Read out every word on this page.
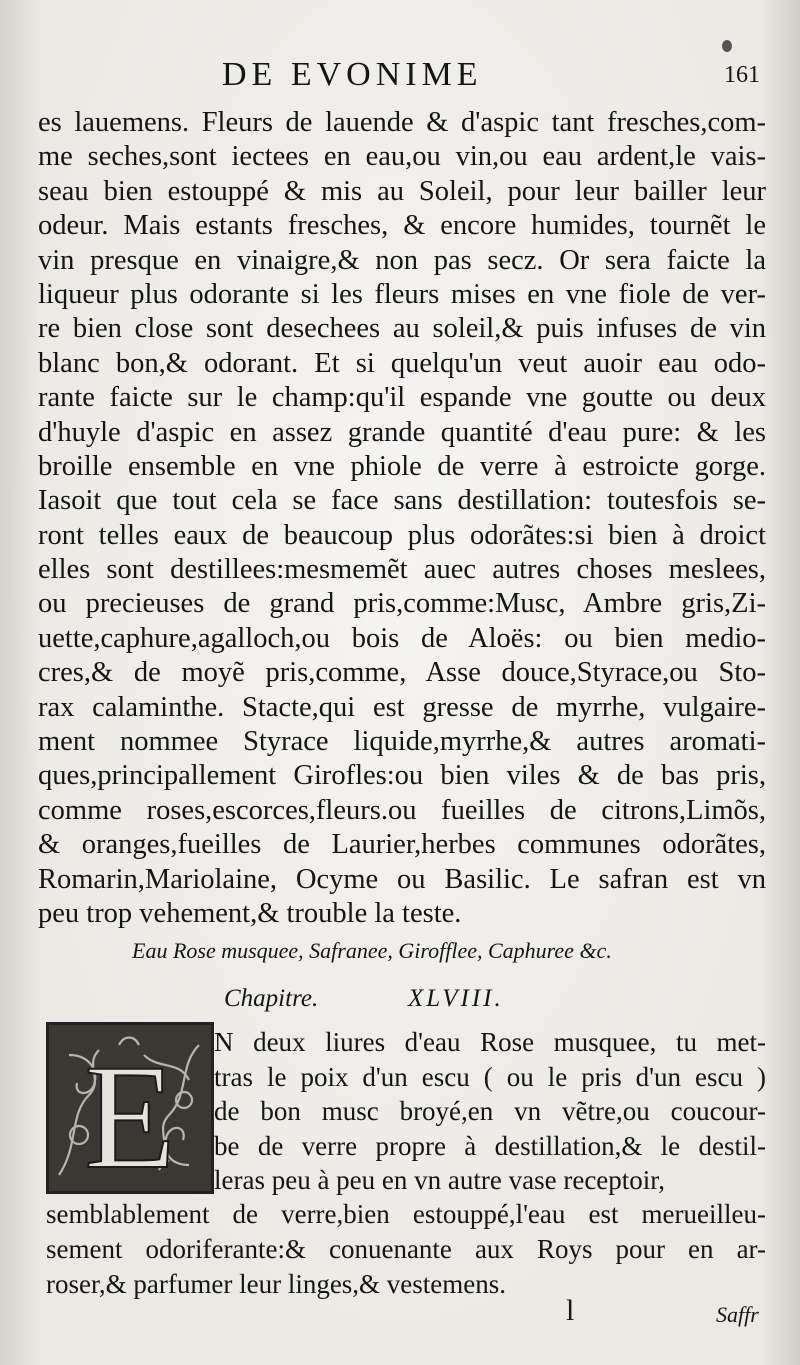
DE EVONIME	161
es lauemens. Fleurs de lauende & d'aspic tant fresches,com-
me seches,sont iectees en eau,ou vin,ou eau ardent,le vais-
seau bien estouppé & mis au Soleil, pour leur bailler leur
odeur. Mais estants fresches, & encore humides, tournẽt le
vin presque en vinaigre,& non pas secz. Or sera faicte la
liqueur plus odorante si les fleurs mises en vne fiole de ver-
re bien close sont desechees au soleil,& puis infuses de vin
blanc bon,& odorant. Et si quelqu'un veut auoir eau odo-
rante faicte sur le champ:qu'il espande vne goutte ou deux
d'huyle d'aspic en assez grande quantité d'eau pure: & les
broille ensemble en vne phiole de verre à estroicte gorge.
Iasoit que tout cela se face sans destillation: toutesfois se-
ront telles eaux de beaucoup plus odorãtes:si bien à droict
elles sont destillees:mesmemẽt auec autres choses meslees,
ou precieuses de grand pris,comme:Musc, Ambre gris,Zi-
uette,caphure,agalloch,ou bois de Aloës: ou bien medio-
cres,& de moyẽ pris,comme, Asse douce,Styrace,ou Sto-
rax calaminthe. Stacte,qui est gresse de myrrhe, vulgaire-
ment nommee Styrace liquide,myrrhe,& autres aromati-
ques,principallement Girofles:ou bien viles & de bas pris,
comme roses,escorces,fleurs.ou fueilles de citrons,Limõs,
& oranges,fueilles de Laurier,herbes communes odorãtes,
Romarin,Mariolaine, Ocyme ou Basilic. Le safran est vn
peu trop vehement,& trouble la teste.
Eau Rose musquee, Safranee, Girofflee, Caphuree &c.
Chapitre.	XLVIII.
E N deux liures d'eau Rose musquee, tu met-
tras le poix d'un escu ( ou le pris d'un escu )
de bon musc broyé,en vn vẽtre,ou coucour-
be de verre propre à destillation,& le destil-
leras peu à peu en vn autre vase receptoir,
semblablement de verre,bien estouppé,l'eau est merueilleu-
sement odoriferante:& conuenante aux Roys pour en ar-
roser,& parfumer leur linges,& vestemens.
l	Saffr
